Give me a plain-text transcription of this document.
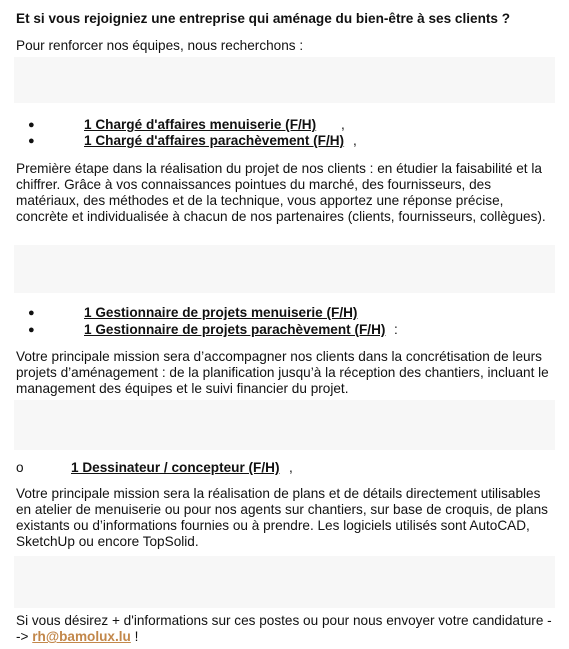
Et si vous rejoigniez une entreprise qui aménage du bien-être à ses clients ?
Pour renforcer nos équipes, nous recherchons :
●	1 Chargé d'affaires menuiserie (F/H) ,
●	1 Chargé d'affaires parachèvement (F/H) ,
Première étape dans la réalisation du projet de nos clients : en étudier la faisabilité et la chiffrer. Grâce à vos connaissances pointues du marché, des fournisseurs, des matériaux, des méthodes et de la technique, vous apportez une réponse précise, concrète et individualisée à chacun de nos partenaires (clients, fournisseurs, collègues).
●	1 Gestionnaire de projets menuiserie (F/H)
●	1 Gestionnaire de projets parachèvement (F/H) :
Votre principale mission sera d’accompagner nos clients dans la concrétisation de leurs projets d’aménagement : de la planification jusqu’à la réception des chantiers, incluant le management des équipes et le suivi financier du projet.
o	1 Dessinateur / concepteur (F/H) ,
Votre principale mission sera la réalisation de plans et de détails directement utilisables en atelier de menuiserie ou pour nos agents sur chantiers, sur base de croquis, de plans existants ou d’informations fournies ou à prendre. Les logiciels utilisés sont AutoCAD, SketchUp ou encore TopSolid.
Si vous désirez + d'informations sur ces postes ou pour nous envoyer votre candidature --> rh@bamolux.lu !
